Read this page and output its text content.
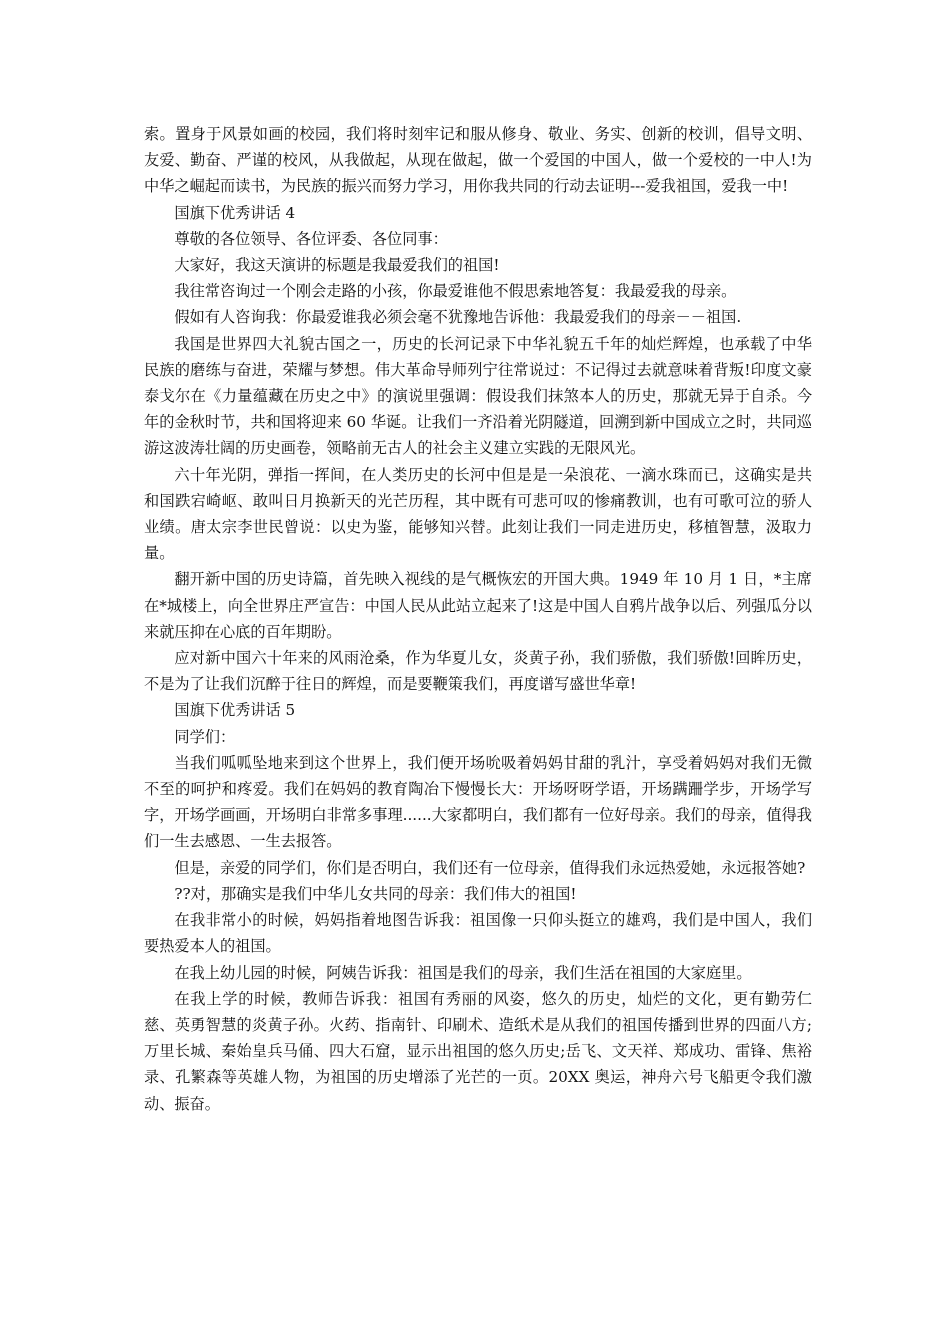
索。置身于风景如画的校园，我们将时刻牢记和服从修身、敬业、务实、创新的校训，倡导文明、友爱、勤奋、严谨的校风，从我做起，从现在做起，做一个爱国的中国人，做一个爱校的一中人!为中华之崛起而读书，为民族的振兴而努力学习，用你我共同的行动去证明---爱我祖国，爱我一中!

国旗下优秀讲话 4

尊敬的各位领导、各位评委、各位同事：

大家好，我这天演讲的标题是我最爱我们的祖国!

我往常咨询过一个刚会走路的小孩，你最爱谁他不假思索地答复：我最爱我的母亲。

假如有人咨询我：你最爱谁我必须会毫不犹豫地告诉他：我最爱我们的母亲－－祖国.

我国是世界四大礼貌古国之一，历史的长河记录下中华礼貌五千年的灿烂辉煌，也承载了中华民族的磨练与奋进，荣耀与梦想。伟大革命导师列宁往常说过：不记得过去就意味着背叛!印度文豪泰戈尔在《力量蕴藏在历史之中》的演说里强调：假设我们抹煞本人的历史，那就无异于自杀。今年的金秋时节，共和国将迎来 60 华诞。让我们一齐沿着光阴隧道，回溯到新中国成立之时，共同巡游这波涛壮阔的历史画卷，领略前无古人的社会主义建立实践的无限风光。

六十年光阴，弹指一挥间，在人类历史的长河中但是是一朵浪花、一滴水珠而已，这确实是共和国跌宕崎岖、敢叫日月换新天的光芒历程，其中既有可悲可叹的惨痛教训，也有可歌可泣的骄人业绩。唐太宗李世民曾说：以史为鉴，能够知兴替。此刻让我们一同走进历史，移植智慧，汲取力量。

翻开新中国的历史诗篇，首先映入视线的是气概恢宏的开国大典。1949 年 10 月 1 日，*主席在*城楼上，向全世界庄严宣告：中国人民从此站立起来了!这是中国人自鸦片战争以后、列强瓜分以来就压抑在心底的百年期盼。

应对新中国六十年来的风雨沧桑，作为华夏儿女，炎黄子孙，我们骄傲，我们骄傲!回眸历史，不是为了让我们沉醉于往日的辉煌，而是要鞭策我们，再度谱写盛世华章!

国旗下优秀讲话 5

同学们：

当我们呱呱坠地来到这个世界上，我们便开场吮吸着妈妈甘甜的乳汁，享受着妈妈对我们无微不至的呵护和疼爱。我们在妈妈的教育陶冶下慢慢长大：开场呀呀学语，开场蹒跚学步，开场学写字，开场学画画，开场明白非常多事理......大家都明白，我们都有一位好母亲。我们的母亲，值得我们一生去感恩、一生去报答。

但是，亲爱的同学们，你们是否明白，我们还有一位母亲，值得我们永远热爱她，永远报答她?

??对，那确实是我们中华儿女共同的母亲：我们伟大的祖国!

在我非常小的时候，妈妈指着地图告诉我：祖国像一只仰头挺立的雄鸡，我们是中国人，我们要热爱本人的祖国。

在我上幼儿园的时候，阿姨告诉我：祖国是我们的母亲，我们生活在祖国的大家庭里。

在我上学的时候，教师告诉我：祖国有秀丽的风姿，悠久的历史，灿烂的文化，更有勤劳仁慈、英勇智慧的炎黄子孙。火药、指南针、印刷术、造纸术是从我们的祖国传播到世界的四面八方;万里长城、秦始皇兵马俑、四大石窟，显示出祖国的悠久历史;岳飞、文天祥、郑成功、雷锋、焦裕录、孔繁森等英雄人物，为祖国的历史增添了光芒的一页。20XX 奥运，神舟六号飞船更令我们激动、振奋。
